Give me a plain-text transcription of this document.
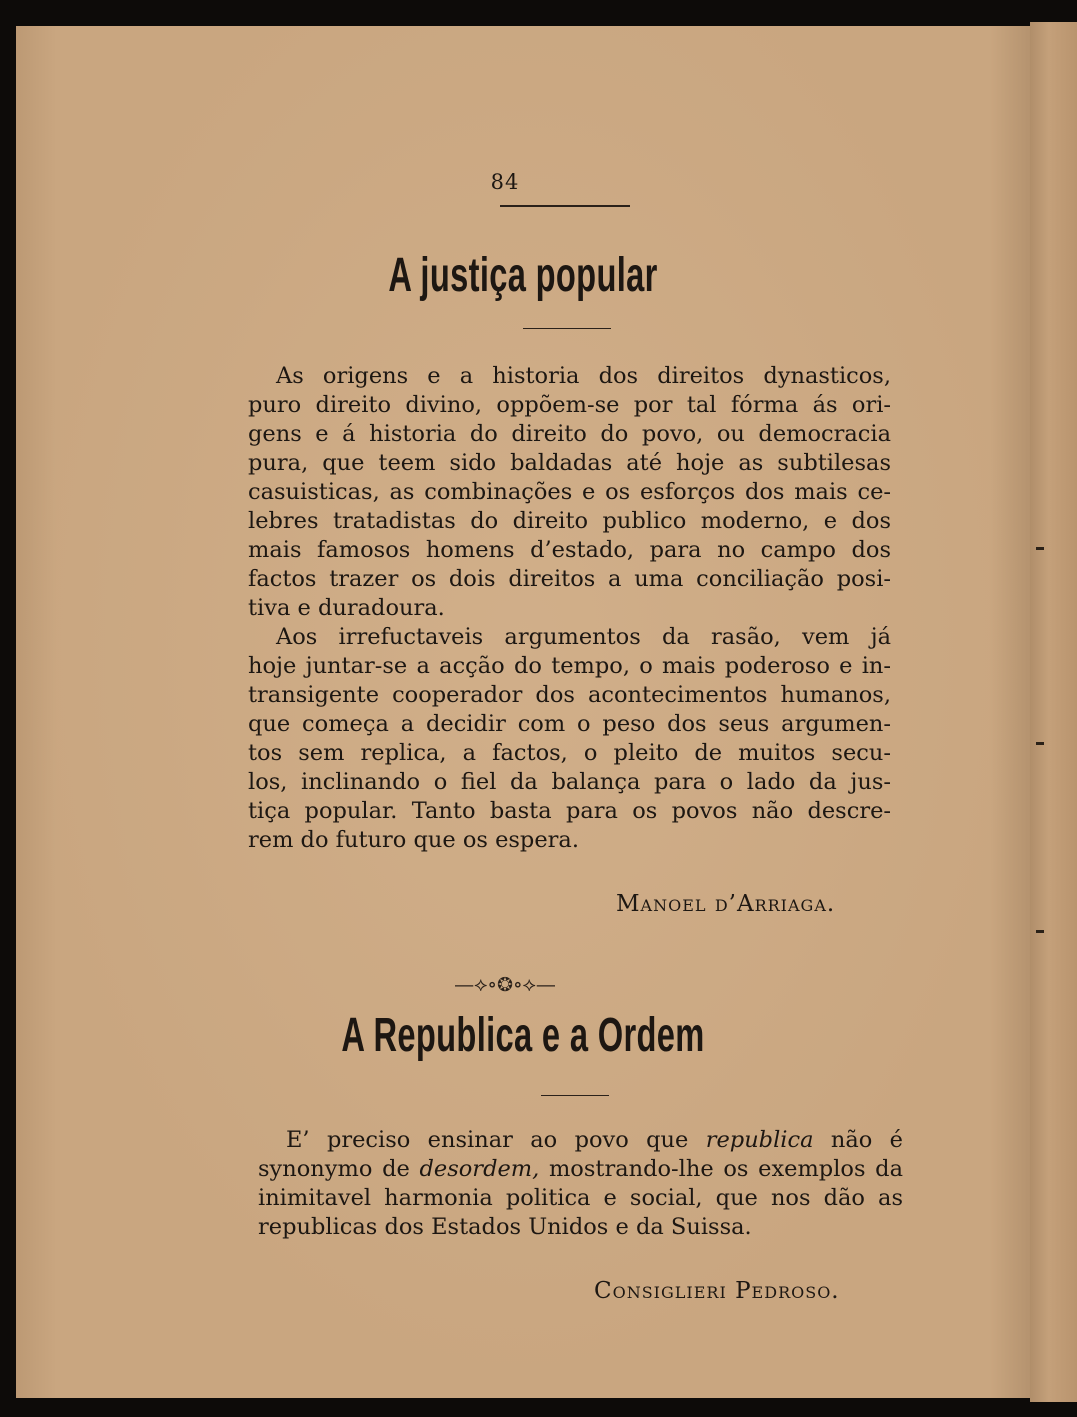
84
A justiça popular
As origens e a historia dos direitos dynasticos,
puro direito divino, oppõem-se por tal fórma ás ori-
gens e á historia do direito do povo, ou democracia
pura, que teem sido baldadas até hoje as subtilesas
casuisticas, as combinações e os esforços dos mais ce-
lebres tratadistas do direito publico moderno, e dos
mais famosos homens d’estado, para no campo dos
factos trazer os dois direitos a uma conciliação posi-
tiva e duradoura.
Aos irrefuctaveis argumentos da rasão, vem já
hoje juntar-se a acção do tempo, o mais poderoso e in-
transigente cooperador dos acontecimentos humanos,
que começa a decidir com o peso dos seus argumen-
tos sem replica, a factos, o pleito de muitos secu-
los, inclinando o fiel da balança para o lado da jus-
tiça popular. Tanto basta para os povos não descre-
rem do futuro que os espera.
Manoel d’Arriaga.
—⟡∘❂∘⟡—
A Republica e a Ordem
E’ preciso ensinar ao povo que republica não é
synonymo de desordem, mostrando-lhe os exemplos da
inimitavel harmonia politica e social, que nos dão as
republicas dos Estados Unidos e da Suissa.
Consiglieri Pedroso.
